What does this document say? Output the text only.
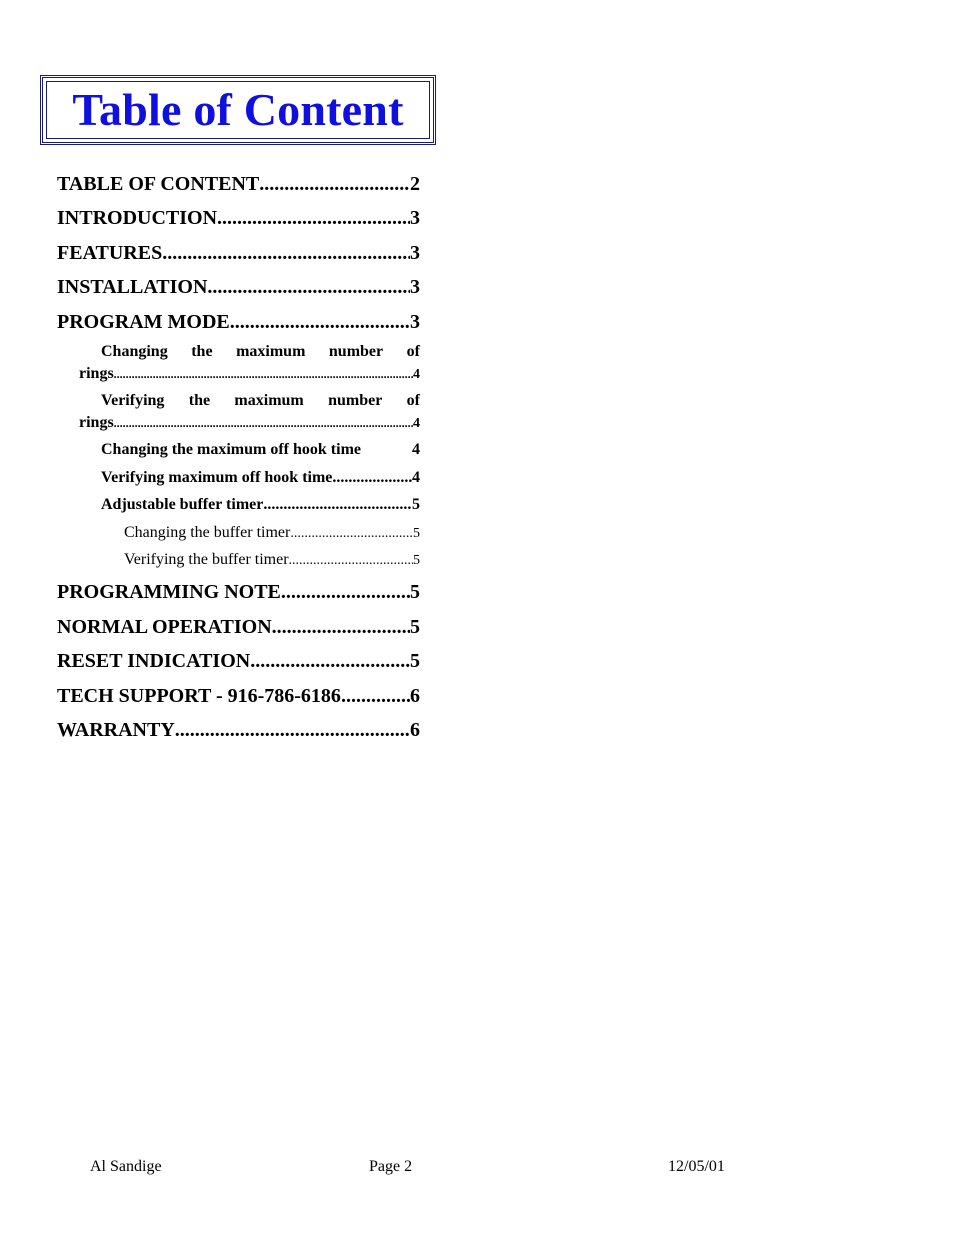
Table of Content
TABLE OF CONTENT .....	2
INTRODUCTION .....	3
FEATURES .....	3
INSTALLATION .....	3
PROGRAM MODE .....	3
Changing the maximum number of
rings .....	4
Verifying the maximum number of
rings .....	4
Changing the maximum off hook time	4
Verifying maximum off hook time .....	4
Adjustable buffer timer .....	5
Changing the buffer timer .....	5
Verifying the buffer timer .....	5
PROGRAMMING NOTE .....	5
NORMAL OPERATION .....	5
RESET INDICATION .....	5
TECH SUPPORT - 916-786-6186 .....	6
WARRANTY .....	6
Al Sandige	Page 2	12/05/01
